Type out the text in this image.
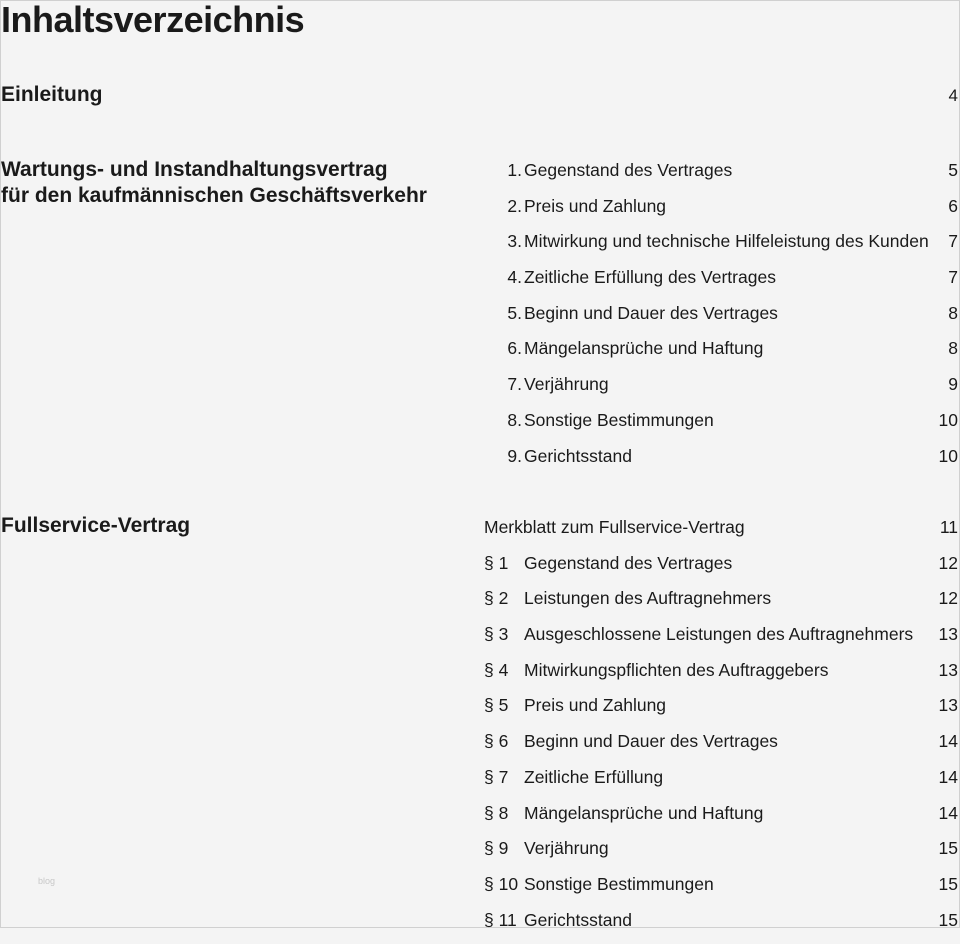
Inhaltsverzeichnis
Einleitung	4
Wartungs- und Instandhaltungsvertrag
für den kaufmännischen Geschäftsverkehr
1. Gegenstand des Vertrages	5
2. Preis und Zahlung	6
3. Mitwirkung und technische Hilfeleistung des Kunden	7
4. Zeitliche Erfüllung des Vertrages	7
5. Beginn und Dauer des Vertrages	8
6. Mängelansprüche und Haftung	8
7. Verjährung	9
8. Sonstige Bestimmungen	10
9. Gerichtsstand	10
Fullservice-Vertrag	Merkblatt zum Fullservice-Vertrag	11
§ 1 Gegenstand des Vertrages	12
§ 2 Leistungen des Auftragnehmers	12
§ 3 Ausgeschlossene Leistungen des Auftragnehmers	13
§ 4 Mitwirkungspflichten des Auftraggebers	13
§ 5 Preis und Zahlung	13
§ 6 Beginn und Dauer des Vertrages	14
§ 7 Zeitliche Erfüllung	14
§ 8 Mängelansprüche und Haftung	14
§ 9 Verjährung	15
§ 10 Sonstige Bestimmungen	15
§ 11 Gerichtsstand	15
blog
